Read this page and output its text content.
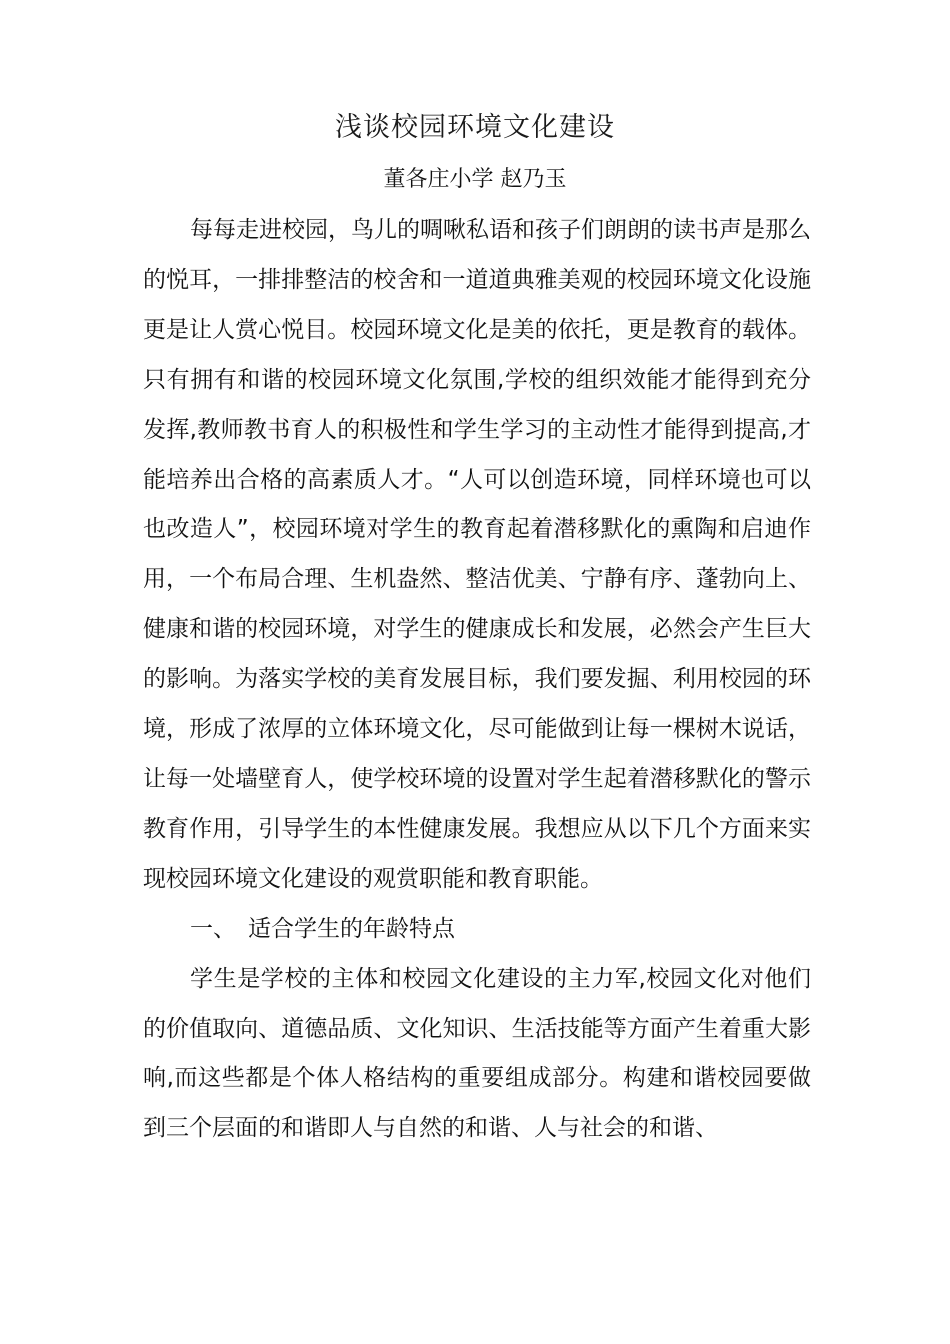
浅谈校园环境文化建设
董各庄小学 赵乃玉

每每走进校园，鸟儿的啁啾私语和孩子们朗朗的读书声是那么的悦耳，一排排整洁的校舍和一道道典雅美观的校园环境文化设施更是让人赏心悦目。校园环境文化是美的依托，更是教育的载体。只有拥有和谐的校园环境文化氛围,学校的组织效能才能得到充分发挥,教师教书育人的积极性和学生学习的主动性才能得到提高,才能培养出合格的高素质人才。“人可以创造环境，同样环境也可以也改造人”，校园环境对学生的教育起着潜移默化的熏陶和启迪作用，一个布局合理、生机盎然、整洁优美、宁静有序、蓬勃向上、健康和谐的校园环境，对学生的健康成长和发展，必然会产生巨大的影响。为落实学校的美育发展目标，我们要发掘、利用校园的环境，形成了浓厚的立体环境文化，尽可能做到让每一棵树木说话，让每一处墙壁育人，使学校环境的设置对学生起着潜移默化的警示教育作用，引导学生的本性健康发展。我想应从以下几个方面来实现校园环境文化建设的观赏职能和教育职能。

一、 适合学生的年龄特点

学生是学校的主体和校园文化建设的主力军,校园文化对他们的价值取向、道德品质、文化知识、生活技能等方面产生着重大影响,而这些都是个体人格结构的重要组成部分。构建和谐校园要做到三个层面的和谐即人与自然的和谐、人与社会的和谐、
